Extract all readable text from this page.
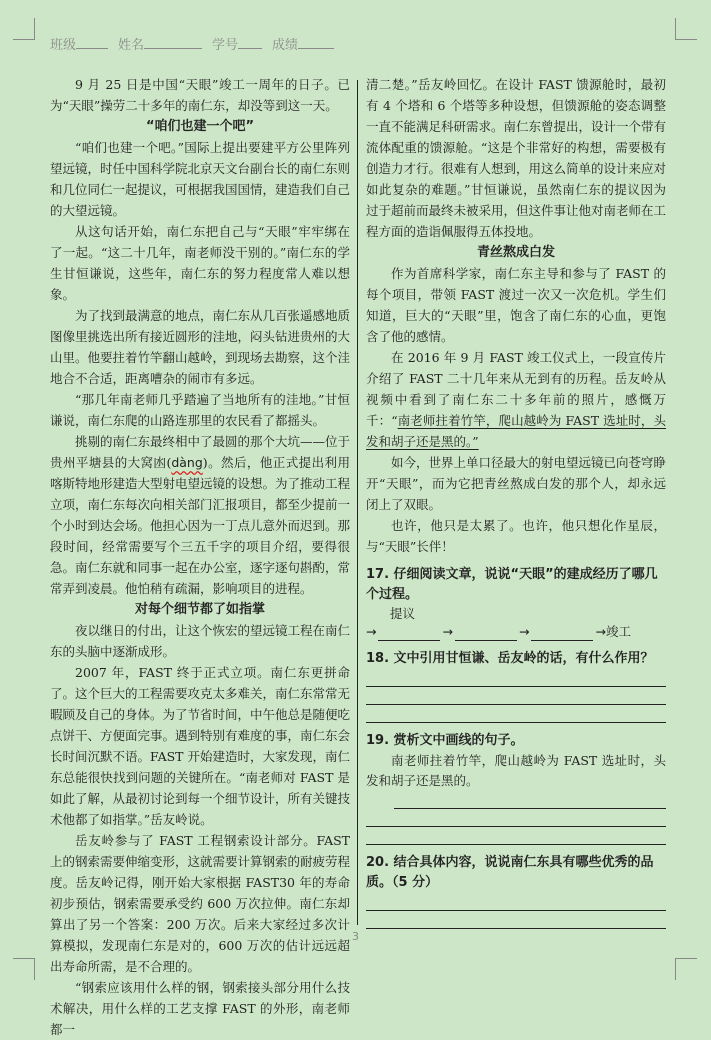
班级	姓名	学号	成绩

9 月 25 日是中国“天眼”竣工一周年的日子。已为“天眼”操劳二十多年的南仁东，却没等到这一天。

“咱们也建一个吧”

“咱们也建一个吧。”国际上提出要建平方公里阵列望远镜，时任中国科学院北京天文台副台长的南仁东则和几位同仁一起提议，可根据我国国情，建造我们自己的大望远镜。

从这句话开始，南仁东把自己与“天眼”牢牢绑在了一起。“这二十几年，南老师没干别的。”南仁东的学生甘恒谦说，这些年，南仁东的努力程度常人难以想象。

为了找到最满意的地点，南仁东从几百张遥感地质图像里挑选出所有接近圆形的洼地，闷头钻进贵州的大山里。他要拄着竹竿翻山越岭，到现场去勘察，这个洼地合不合适，距离嘈杂的闹市有多远。

“那几年南老师几乎踏遍了当地所有的洼地。”甘恒谦说，南仁东爬的山路连那里的农民看了都摇头。

挑剔的南仁东最终相中了最圆的那个大坑——位于贵州平塘县的大窝凼(dàng)。然后，他正式提出利用喀斯特地形建造大型射电望远镜的设想。为了推动工程立项，南仁东每次向相关部门汇报项目，都至少提前一个小时到达会场。他担心因为一丁点儿意外而迟到。那段时间，经常需要写个三五千字的项目介绍，要得很急。南仁东就和同事一起在办公室，逐字逐句斟酌，常常弄到凌晨。他怕稍有疏漏，影响项目的进程。

对每个细节都了如指掌

夜以继日的付出，让这个恢宏的望远镜工程在南仁东的头脑中逐渐成形。

2007 年，FAST 终于正式立项。南仁东更拼命了。这个巨大的工程需要攻克太多难关，南仁东常常无暇顾及自己的身体。为了节省时间，中午他总是随便吃点饼干、方便面完事。遇到特别有难度的事，南仁东会长时间沉默不语。FAST 开始建造时，大家发现，南仁东总能很快找到问题的关键所在。“南老师对 FAST 是如此了解，从最初讨论到每一个细节设计，所有关键技术他都了如指掌。”岳友岭说。

岳友岭参与了 FAST 工程钢索设计部分。FAST 上的钢索需要伸缩变形，这就需要计算钢索的耐疲劳程度。岳友岭记得，刚开始大家根据 FAST30 年的寿命初步预估，钢索需要承受约 600 万次拉伸。南仁东却算出了另一个答案：200 万次。后来大家经过多次计算模拟，发现南仁东是对的，600 万次的估计远远超出寿命所需，是不合理的。

“钢索应该用什么样的钢，钢索接头部分用什么技术解决，用什么样的工艺支撑 FAST 的外形，南老师都一

清二楚。”岳友岭回忆。在设计 FAST 馈源舱时，最初有 4 个塔和 6 个塔等多种设想，但馈源舱的姿态调整一直不能满足科研需求。南仁东曾提出，设计一个带有流体配重的馈源舱。“这是个非常好的构想，需要极有创造力才行。很难有人想到，用这么简单的设计来应对如此复杂的难题。”甘恒谦说，虽然南仁东的提议因为过于超前而最终未被采用，但这件事让他对南老师在工程方面的造诣佩服得五体投地。

青丝熬成白发

作为首席科学家，南仁东主导和参与了 FAST 的每个项目，带领 FAST 渡过一次又一次危机。学生们知道，巨大的“天眼”里，饱含了南仁东的心血，更饱含了他的感情。

在 2016 年 9 月 FAST 竣工仪式上，一段宣传片介绍了 FAST 二十几年来从无到有的历程。岳友岭从视频中看到了南仁东二十多年前的照片，感慨万千：“南老师拄着竹竿，爬山越岭为 FAST 选址时，头发和胡子还是黑的。”

如今，世界上单口径最大的射电望远镜已向苍穹睁开“天眼”，而为它把青丝熬成白发的那个人，却永远闭上了双眼。

也许，他只是太累了。也许，他只想化作星辰，与“天眼”长伴！

17. 仔细阅读文章，说说“天眼”的建成经历了哪几个过程。
提议
→	→	→	→ 竣工
18. 文中引用甘恒谦、岳友岭的话，有什么作用？
19. 赏析文中画线的句子。
南老师拄着竹竿，爬山越岭为 FAST 选址时，头发和胡子还是黑的。
20. 结合具体内容，说说南仁东具有哪些优秀的品质。（5 分）
3
